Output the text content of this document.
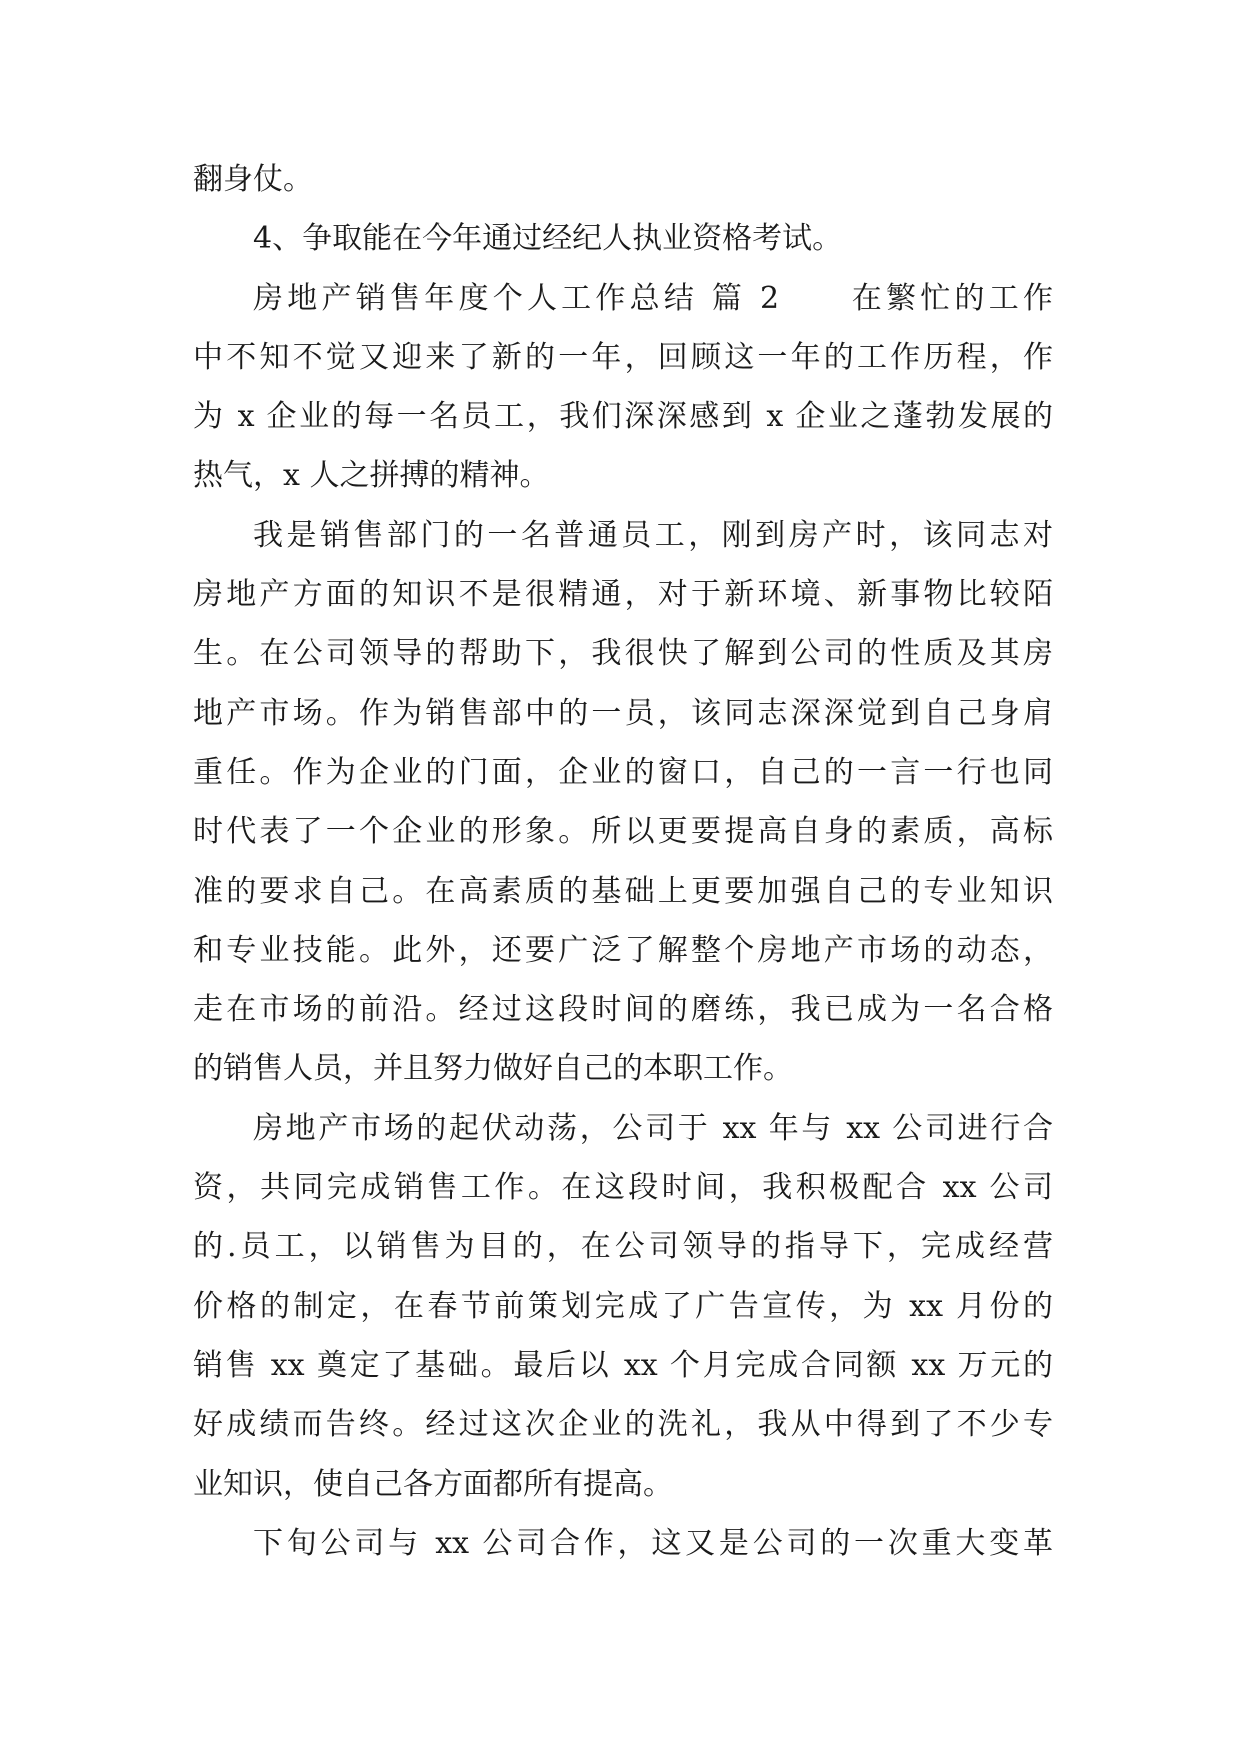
翻身仗。
4、争取能在今年通过经纪人执业资格考试。
房地产销售年度个人工作总结 篇 2　　在繁忙的工作
中不知不觉又迎来了新的一年，回顾这一年的工作历程，作
为 x 企业的每一名员工，我们深深感到 x 企业之蓬勃发展的
热气，x 人之拼搏的精神。
我是销售部门的一名普通员工，刚到房产时，该同志对
房地产方面的知识不是很精通，对于新环境、新事物比较陌
生。在公司领导的帮助下，我很快了解到公司的性质及其房
地产市场。作为销售部中的一员，该同志深深觉到自己身肩
重任。作为企业的门面，企业的窗口，自己的一言一行也同
时代表了一个企业的形象。所以更要提高自身的素质，高标
准的要求自己。在高素质的基础上更要加强自己的专业知识
和专业技能。此外，还要广泛了解整个房地产市场的动态，
走在市场的前沿。经过这段时间的磨练，我已成为一名合格
的销售人员，并且努力做好自己的本职工作。
房地产市场的起伏动荡，公司于 xx 年与 xx 公司进行合
资，共同完成销售工作。在这段时间，我积极配合 xx 公司
的.员工，以销售为目的，在公司领导的指导下，完成经营
价格的制定，在春节前策划完成了广告宣传，为 xx 月份的
销售 xx 奠定了基础。最后以 xx 个月完成合同额 xx 万元的
好成绩而告终。经过这次企业的洗礼，我从中得到了不少专
业知识，使自己各方面都所有提高。
下旬公司与 xx 公司合作，这又是公司的一次重大变革
